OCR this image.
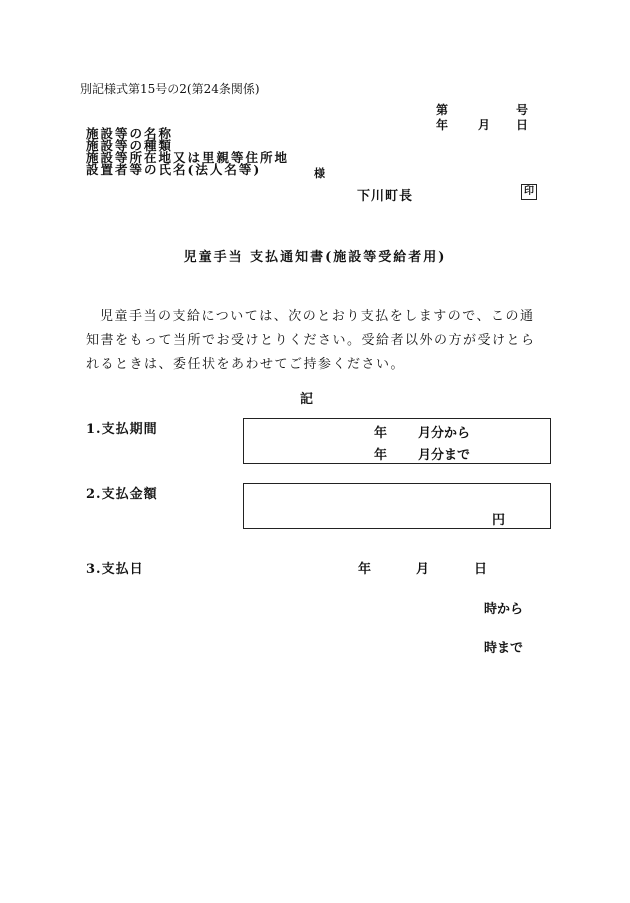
別記様式第15号の2(第24条関係)
第	号
年 月 日
施設等の名称
施設等の種類
施設等所在地又は里親等住所地
設置者等の氏名(法人名等)	様
下川町長	印
児童手当 支払通知書(施設等受給者用)
児童手当の支給については、次のとおり支払をしますので、この通知書をもって当所でお受けとりください。受給者以外の方が受けとられるときは、委任状をあわせてご持参ください。
記
1.支払期間	年 月分から
年 月分まで
2.支払金額
円
3.支払日	年	月	日
時から
時まで
